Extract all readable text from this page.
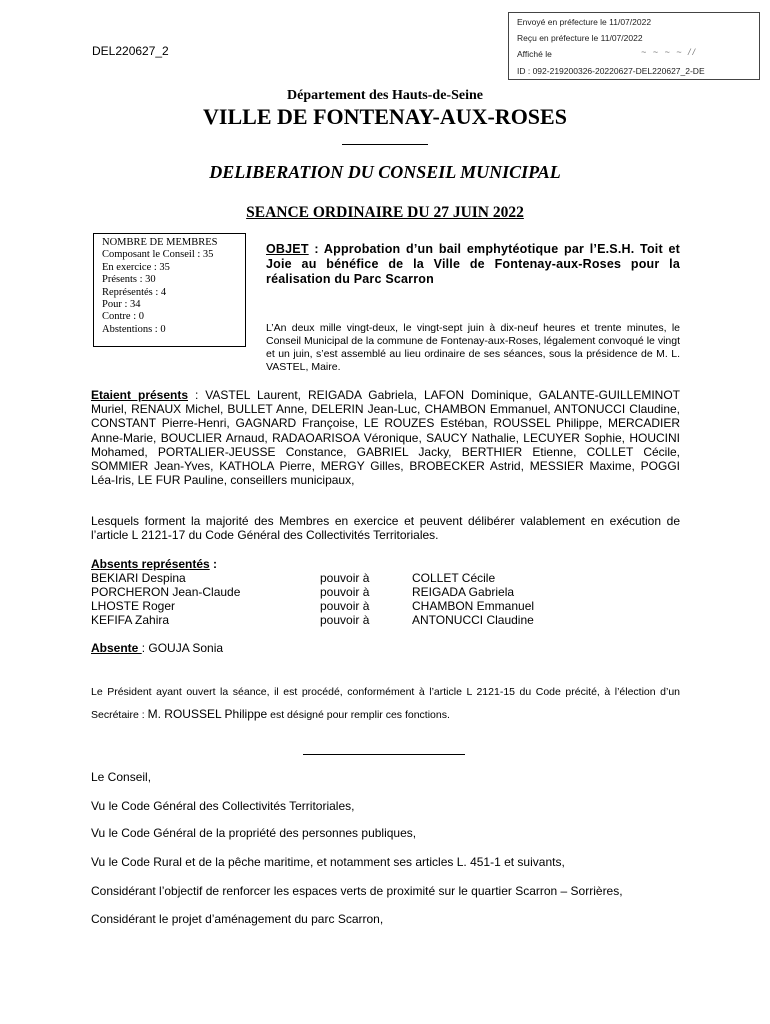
Envoyé en préfecture le 11/07/2022
Reçu en préfecture le 11/07/2022
Affiché le	~ ~ ~ ~ //
ID : 092-219200326-20220627-DEL220627_2-DE
DEL220627_2
Département des Hauts-de-Seine
VILLE DE FONTENAY-AUX-ROSES
DELIBERATION DU CONSEIL MUNICIPAL
SEANCE ORDINAIRE DU 27 JUIN 2022
NOMBRE DE MEMBRES
Composant le Conseil : 35
En exercice : 35
Présents : 30
Représentés : 4
Pour : 34
Contre : 0
Abstentions : 0
OBJET : Approbation d’un bail emphytéotique par l’E.S.H. Toit et Joie au bénéfice de la Ville de Fontenay-aux-Roses pour la réalisation du Parc Scarron
L’An deux mille vingt-deux, le vingt-sept juin à dix-neuf heures et trente minutes, le Conseil Municipal de la commune de Fontenay-aux-Roses, légalement convoqué le vingt et un juin, s’est assemblé au lieu ordinaire de ses séances, sous la présidence de M. L. VASTEL, Maire.
Etaient présents : VASTEL Laurent, REIGADA Gabriela, LAFON Dominique, GALANTE-GUILLEMINOT Muriel, RENAUX Michel, BULLET Anne, DELERIN Jean-Luc, CHAMBON Emmanuel, ANTONUCCI Claudine, CONSTANT Pierre-Henri, GAGNARD Françoise, LE ROUZES Estéban, ROUSSEL Philippe, MERCADIER Anne-Marie, BOUCLIER Arnaud, RADAOARISOA Véronique, SAUCY Nathalie, LECUYER Sophie, HOUCINI Mohamed, PORTALIER-JEUSSE Constance, GABRIEL Jacky, BERTHIER Etienne, COLLET Cécile, SOMMIER Jean-Yves, KATHOLA Pierre, MERGY Gilles, BROBECKER Astrid, MESSIER Maxime, POGGI Léa-Iris, LE FUR Pauline, conseillers municipaux,
Lesquels forment la majorité des Membres en exercice et peuvent délibérer valablement en exécution de l’article L 2121-17 du Code Général des Collectivités Territoriales.
Absents représentés :
BEKIARI Despina	pouvoir à	COLLET Cécile
PORCHERON Jean-Claude	pouvoir à	REIGADA Gabriela
LHOSTE Roger	pouvoir à	CHAMBON Emmanuel
KEFIFA Zahira	pouvoir à	ANTONUCCI Claudine
Absente : GOUJA Sonia
Le Président ayant ouvert la séance, il est procédé, conformément à l’article L 2121-15 du Code précité, à l’élection d’un Secrétaire : M. ROUSSEL Philippe est désigné pour remplir ces fonctions.
Le Conseil,
Vu le Code Général des Collectivités Territoriales,
Vu le Code Général de la propriété des personnes publiques,
Vu le Code Rural et de la pêche maritime, et notamment ses articles L. 451-1 et suivants,
Considérant l’objectif de renforcer les espaces verts de proximité sur le quartier Scarron – Sorrières,
Considérant le projet d’aménagement du parc Scarron,
